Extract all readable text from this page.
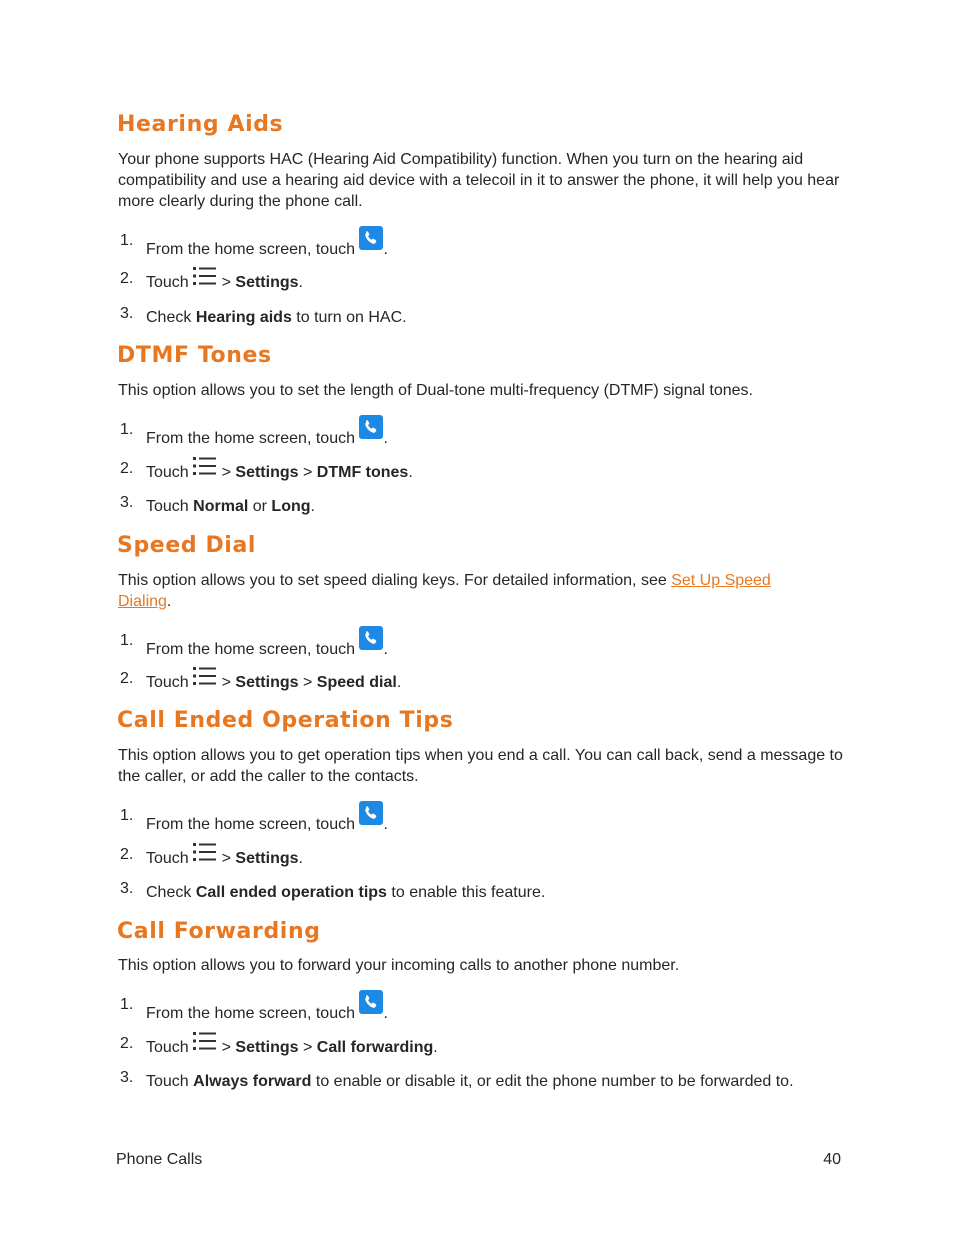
Hearing Aids

Your phone supports HAC (Hearing Aid Compatibility) function. When you turn on the hearing aid compatibility and use a hearing aid device with a telecoil in it to answer the phone, it will help you hear more clearly during the phone call.

1.
From the home screen, touch .
2. Touch > Settings.
3. Check Hearing aids to turn on HAC.
DTMF Tones

This option allows you to set the length of Dual-tone multi-frequency (DTMF) signal tones.

1.
From the home screen, touch .
2. Touch > Settings > DTMF tones.
3. Touch Normal or Long.
Speed Dial

This option allows you to set speed dialing keys. For detailed information, see Set Up Speed
Dialing.

1.
From the home screen, touch .
2. Touch > Settings > Speed dial.
Call Ended Operation Tips

This option allows you to get operation tips when you end a call. You can call back, send a message to the caller, or add the caller to the contacts.

1.
From the home screen, touch .
2. Touch > Settings.
3. Check Call ended operation tips to enable this feature.
Call Forwarding

This option allows you to forward your incoming calls to another phone number.

1.
From the home screen, touch .
2. Touch > Settings > Call forwarding.
3. Touch Always forward to enable or disable it, or edit the phone number to be forwarded to.
Phone Calls	40
